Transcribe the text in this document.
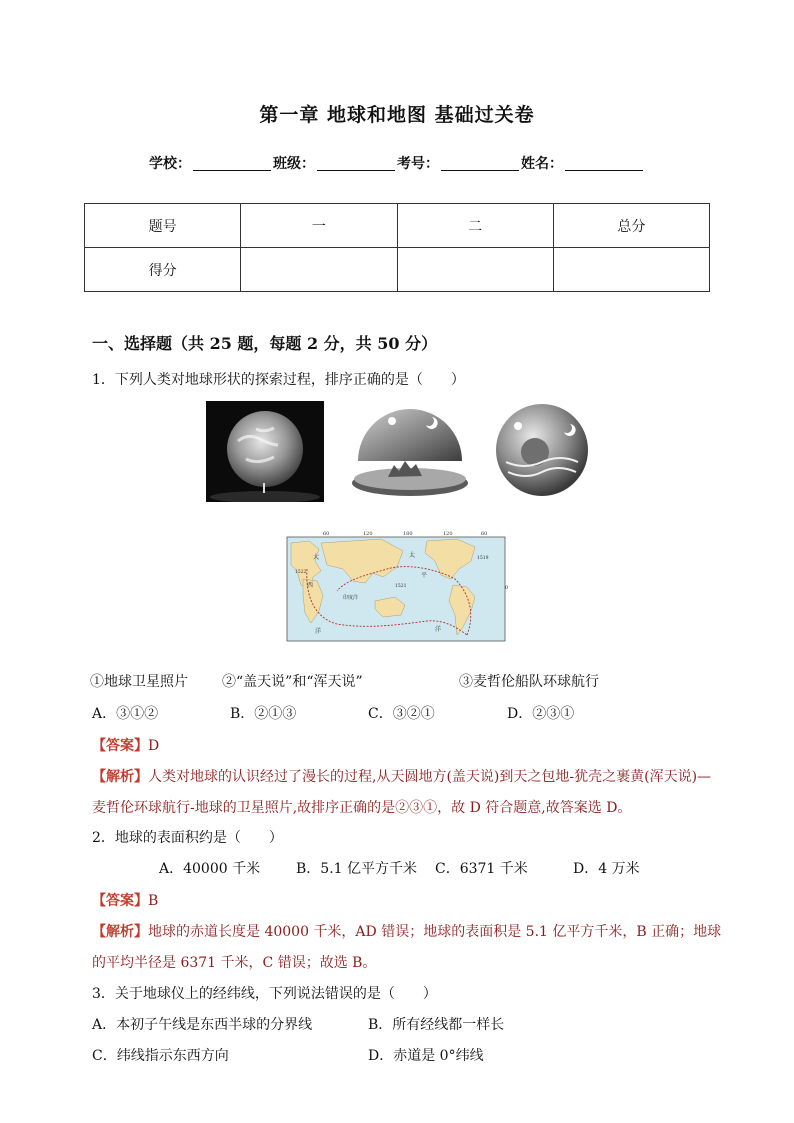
第一章 地球和地图 基础过关卷
学校：	班级：	考号：	姓名：
题号	一	二	总分
得分			
一、选择题（共 25 题，每题 2 分，共 50 分）
1．下列人类对地球形状的探索过程，排序正确的是（　　）
60	120	180	120	60
0
大
西
洋
太
平
洋
印度洋
1519
1521
1522
①地球卫星照片 ②“盖天说”和“浑天说”	③麦哲伦船队环球航行
A．③①②	B．②①③	C．③②①	D．②③①
【答案】D
【解析】人类对地球的认识经过了漫长的过程,从天圆地方(盖天说)到天之包地-犹壳之裹黄(浑天说)—
麦哲伦环球航行-地球的卫星照片,故排序正确的是②③①，故 D 符合题意,故答案选 D。
2．地球的表面积约是（　　）
A．40000 千米	B．5.1 亿平方千米 C．6371 千米	D．4 万米
【答案】B
【解析】地球的赤道长度是 40000 千米，AD 错误；地球的表面积是 5.1 亿平方千米，B 正确；地球
的平均半径是 6371 千米，C 错误；故选 B。
3．关于地球仪上的经纬线，下列说法错误的是（　　）
A．本初子午线是东西半球的分界线	B．所有经线都一样长
C．纬线指示东西方向	D．赤道是 0°纬线
